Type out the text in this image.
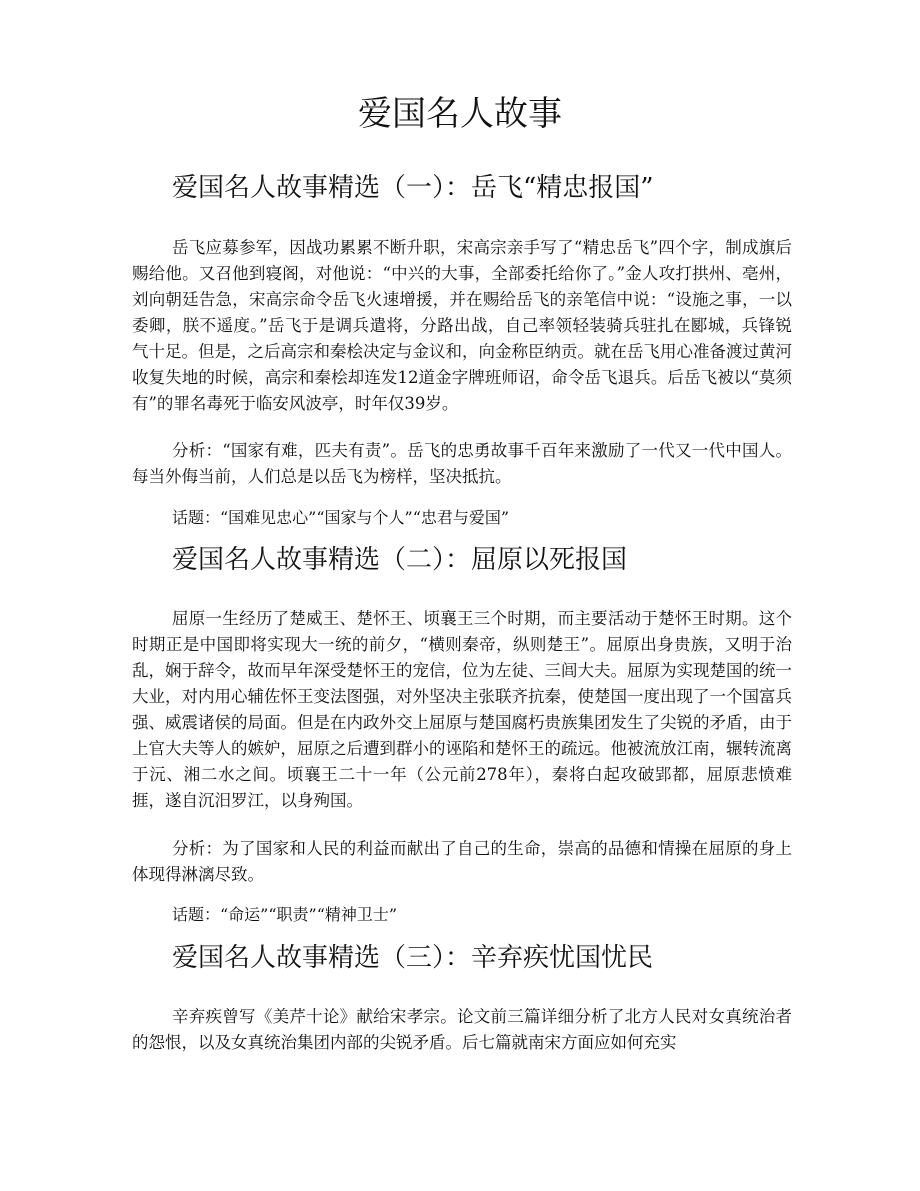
爱国名人故事
爱国名人故事精选（一）：岳飞“精忠报国”

岳飞应募参军，因战功累累不断升职，宋高宗亲手写了“精忠岳飞”四个字，制成旗后赐给他。又召他到寝阁，对他说：“中兴的大事，全部委托给你了。”金人攻打拱州、亳州，刘向朝廷告急，宋高宗命令岳飞火速增援，并在赐给岳飞的亲笔信中说：“设施之事，一以委卿，朕不遥度。”岳飞于是调兵遣将，分路出战，自己率领轻装骑兵驻扎在郾城，兵锋锐气十足。但是，之后高宗和秦桧决定与金议和，向金称臣纳贡。就在岳飞用心准备渡过黄河收复失地的时候，高宗和秦桧却连发12道金字牌班师诏，命令岳飞退兵。后岳飞被以“莫须有”的罪名毒死于临安风波亭，时年仅39岁。

分析：“国家有难，匹夫有责”。岳飞的忠勇故事千百年来激励了一代又一代中国人。每当外侮当前，人们总是以岳飞为榜样，坚决抵抗。

话题：“国难见忠心”“国家与个人”“忠君与爱国”

爱国名人故事精选（二）：屈原以死报国

屈原一生经历了楚威王、楚怀王、顷襄王三个时期，而主要活动于楚怀王时期。这个时期正是中国即将实现大一统的前夕，“横则秦帝，纵则楚王”。屈原出身贵族，又明于治乱，娴于辞令，故而早年深受楚怀王的宠信，位为左徒、三闾大夫。屈原为实现楚国的统一大业，对内用心辅佐怀王变法图强，对外坚决主张联齐抗秦，使楚国一度出现了一个国富兵强、威震诸侯的局面。但是在内政外交上屈原与楚国腐朽贵族集团发生了尖锐的矛盾，由于上官大夫等人的嫉妒，屈原之后遭到群小的诬陷和楚怀王的疏远。他被流放江南，辗转流离于沅、湘二水之间。顷襄王二十一年（公元前278年），秦将白起攻破郢都，屈原悲愤难捱，遂自沉汨罗江，以身殉国。

分析：为了国家和人民的利益而献出了自己的生命，崇高的品德和情操在屈原的身上体现得淋漓尽致。

话题：“命运”“职责”“精神卫士”

爱国名人故事精选（三）：辛弃疾忧国忧民

辛弃疾曾写《美芹十论》献给宋孝宗。论文前三篇详细分析了北方人民对女真统治者的怨恨，以及女真统治集团内部的尖锐矛盾。后七篇就南宋方面应如何充实
